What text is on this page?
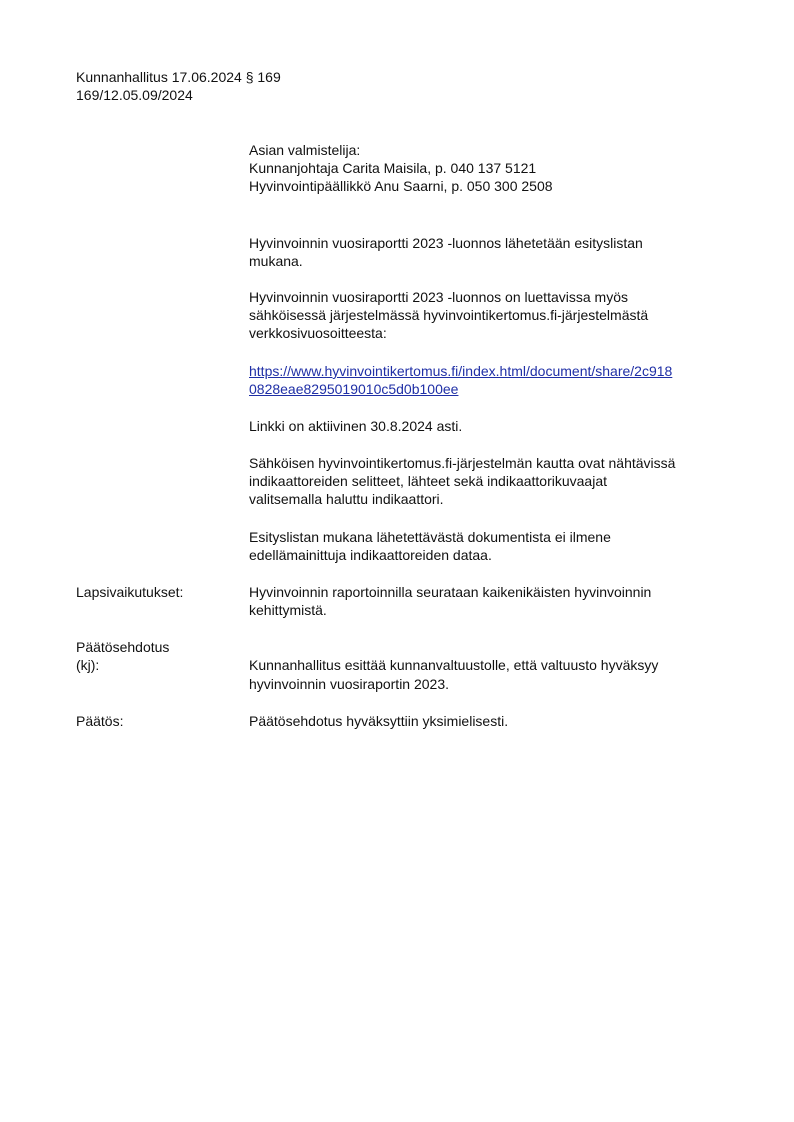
Kunnanhallitus 17.06.2024 § 169
169/12.05.09/2024
Asian valmistelija:
Kunnanjohtaja Carita Maisila, p. 040 137 5121
Hyvinvointipäällikkö Anu Saarni, p. 050 300 2508
Hyvinvoinnin vuosiraportti 2023 -luonnos lähetetään esityslistan
mukana.
Hyvinvoinnin vuosiraportti 2023 -luonnos on luettavissa myös
sähköisessä järjestelmässä hyvinvointikertomus.fi-järjestelmästä
verkkosivuosoitteesta:
https://www.hyvinvointikertomus.fi/index.html/document/share/2c918
0828eae8295019010c5d0b100ee
Linkki on aktiivinen 30.8.2024 asti.
Sähköisen hyvinvointikertomus.fi-järjestelmän kautta ovat nähtävissä
indikaattoreiden selitteet, lähteet sekä indikaattorikuvaajat
valitsemalla haluttu indikaattori.
Esityslistan mukana lähetettävästä dokumentista ei ilmene
edellämainittuja indikaattoreiden dataa.
Lapsivaikutukset:	Hyvinvoinnin raportoinnilla seurataan kaikenikäisten hyvinvoinnin
kehittymistä.
Päätösehdotus
(kj):	Kunnanhallitus esittää kunnanvaltuustolle, että valtuusto hyväksyy
hyvinvoinnin vuosiraportin 2023.
Päätös:	Päätösehdotus hyväksyttiin yksimielisesti.
